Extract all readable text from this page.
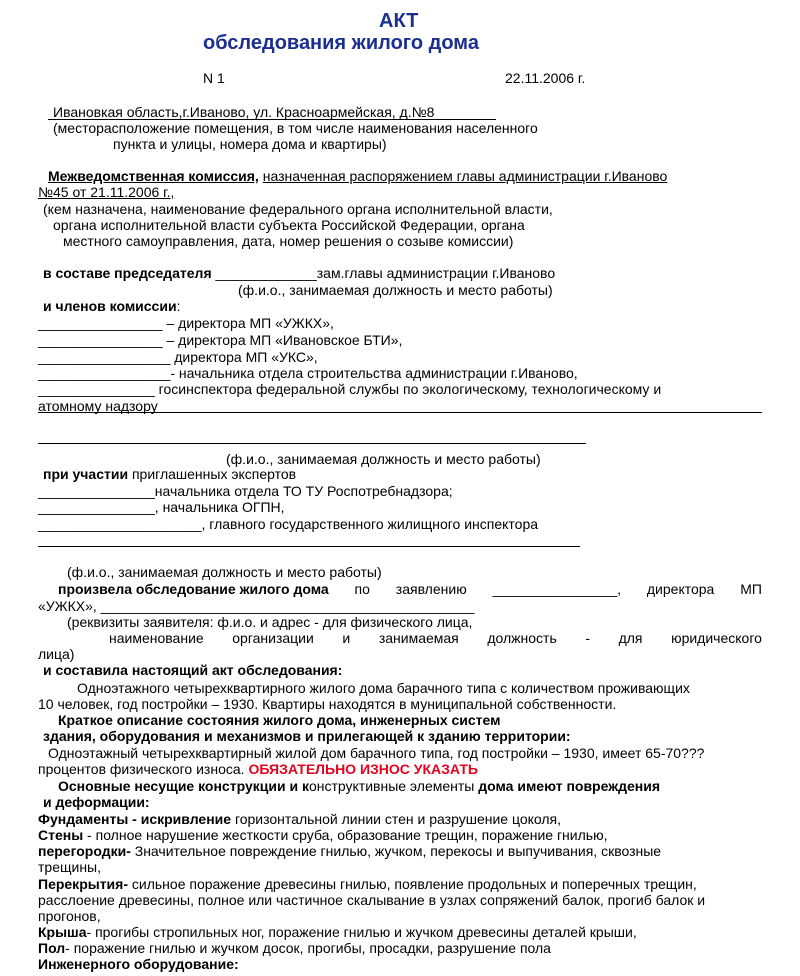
АКТ
обследования жилого дома
N 1	22.11.2006 г.
Ивановкая область,г.Иваново, ул. Красноармейская, д.№8
(месторасположение помещения, в том числе наименования населенного
пункта и улицы, номера дома и квартиры)
Межведомственная комиссия, назначенная распоряжением главы администрации г.Иваново
№45 от 21.11.2006 г.,
(кем назначена, наименование федерального органа исполнительной власти,
органа исполнительной власти субъекта Российской Федерации, органа
местного самоуправления, дата, номер решения о созыве комиссии)
в составе председателя _____________зам.главы администрации г.Иваново
(ф.и.о., занимаемая должность и место работы)
и членов комиссии:
________________ – директора МП «УЖКХ»,
________________ – директора МП «Ивановское БТИ»,
_________________ директора МП «УКС»,
_________________- начальника отдела строительства администрации г.Иваново,
_______________ госинспектора федеральной службы по экологическому, технологическому и
атомному надзору
(ф.и.о., занимаемая должность и место работы)
при участии приглашенных экспертов
_______________начальника отдела ТО ТУ Роспотребнадзора;
_______________, начальника ОГПН,
_____________________, главного государственного жилищного инспектора
(ф.и.о., занимаемая должность и место работы)
произвела обследование жилого дома по заявлению ________________, директора МП
«УЖКХ», ________________________________________________
(реквизиты заявителя: ф.и.о. и адрес - для физического лица,
наименование организации и занимаемая должность - для юридического
лица)
и составила настоящий акт обследования:
Одноэтажного четырехквартирного жилого дома барачного типа с количеством проживающих
10 человек, год постройки – 1930. Квартиры находятся в муниципальной собственности.
Краткое описание состояния жилого дома, инженерных систем
здания, оборудования и механизмов и прилегающей к зданию территории:
Одноэтажный четырехквартирный жилой дом барачного типа, год постройки – 1930, имеет 65-70???
процентов физического износа. ОБЯЗАТЕЛЬНО ИЗНОС УКАЗАТЬ
Основные несущие конструкции и конструктивные элементы дома имеют повреждения
и деформации:
Фундаменты - искривление горизонтальной линии стен и разрушение цоколя,
Стены - полное нарушение жесткости сруба, образование трещин, поражение гнилью,
перегородки- Значительное повреждение гнилью, жучком, перекосы и выпучивания, сквозные
трещины,
Перекрытия- сильное поражение древесины гнилью, появление продольных и поперечных трещин,
расслоение древесины, полное или частичное скалывание в узлах сопряжений балок, прогиб балок и
прогонов,
Крыша- прогибы стропильных ног, поражение гнилью и жучком древесины деталей крыши,
Пол- поражение гнилью и жучком досок, прогибы, просадки, разрушение пола
Инженерного оборудование:
